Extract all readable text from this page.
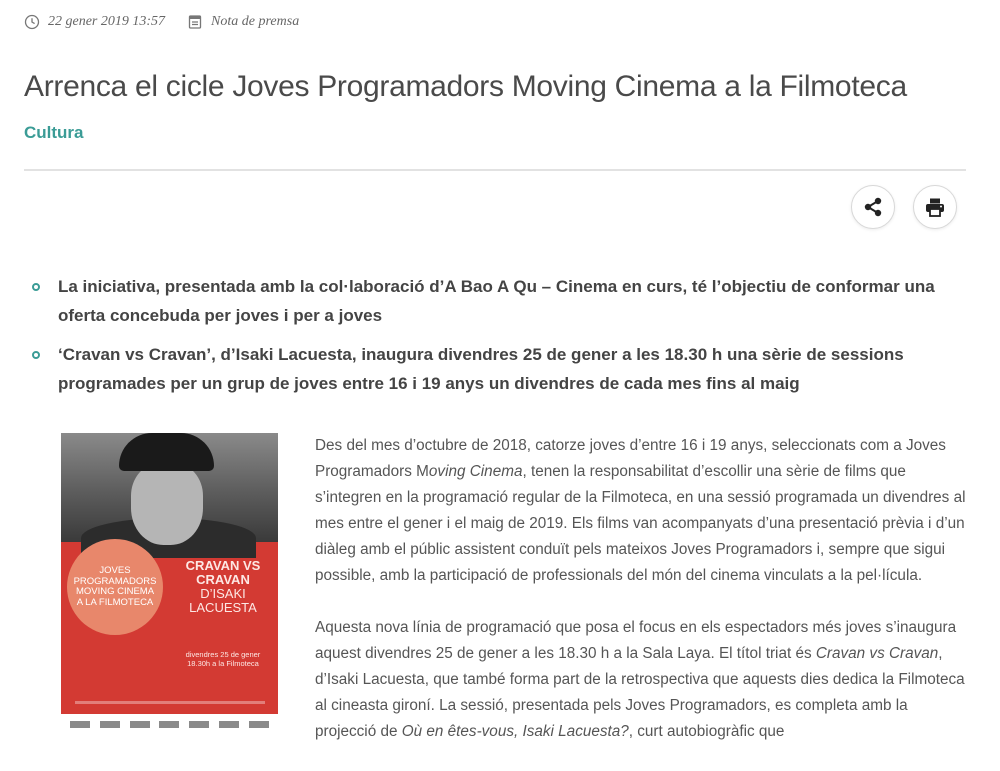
22 gener 2019 13:57	Nota de premsa
Arrenca el cicle Joves Programadors Moving Cinema a la Filmoteca
Cultura
La iniciativa, presentada amb la col·laboració d’A Bao A Qu – Cinema en curs, té l’objectiu de conformar una oferta concebuda per joves i per a joves
‘Cravan vs Cravan’, d’Isaki Lacuesta, inaugura divendres 25 de gener a les 18.30 h una sèrie de sessions programades per un grup de joves entre 16 i 19 anys un divendres de cada mes fins al maig
JOVES
PROGRAMADORS
MOVING CINEMA
A LA FILMOTECA
CRAVAN VS
CRAVAN
D’ISAKI
LACUESTA
divendres 25 de gener
18.30h a la Filmoteca

Des del mes d’octubre de 2018, catorze joves d’entre 16 i 19 anys, seleccionats com a Joves Programadors Moving Cinema, tenen la responsabilitat d’escollir una sèrie de films que s’integren en la programació regular de la Filmoteca, en una sessió programada un divendres al mes entre el gener i el maig de 2019. Els films van acompanyats d’una presentació prèvia i d’un diàleg amb el públic assistent conduït pels mateixos Joves Programadors i, sempre que sigui possible, amb la participació de professionals del món del cinema vinculats a la pel·lícula.

Aquesta nova línia de programació que posa el focus en els espectadors més joves s’inaugura aquest divendres 25 de gener a les 18.30 h a la Sala Laya. El títol triat és Cravan vs Cravan, d’Isaki Lacuesta, que també forma part de la retrospectiva que aquests dies dedica la Filmoteca al cineasta gironí. La sessió, presentada pels Joves Programadors, es completa amb la projecció de Où en êtes-vous, Isaki Lacuesta?, curt autobiogràfic que
